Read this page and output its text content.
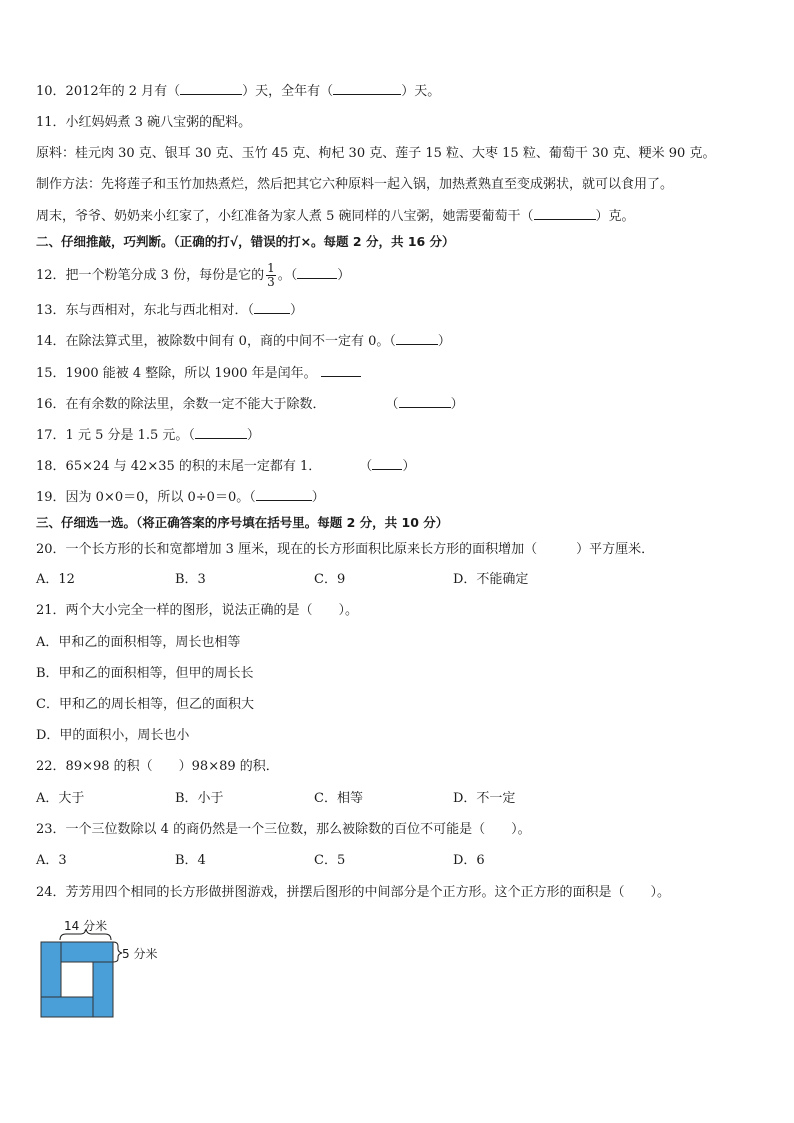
10．2012年的 2 月有（	）天，全年有（	）天。
11．小红妈妈煮 3 碗八宝粥的配料。
原料：桂元肉 30 克、银耳 30 克、玉竹 45 克、枸杞 30 克、莲子 15 粒、大枣 15 粒、葡萄干 30 克、粳米 90 克。
制作方法：先将莲子和玉竹加热煮烂，然后把其它六种原料一起入锅，加热煮熟直至变成粥状，就可以食用了。
周末，爷爷、奶奶来小红家了，小红准备为家人煮 5 碗同样的八宝粥，她需要葡萄干（	）克。
二、仔细推敲，巧判断。（正确的打√，错误的打×。每题 2 分，共 16 分）
12．把一个粉笔分成 3 份，每份是它的 $\frac{1}{3}$ 。（	）
13．东与西相对，东北与西北相对．（	）
14．在除法算式里，被除数中间有 0，商的中间不一定有 0。（	）
15．1900 能被 4 整除，所以 1900 年是闰年。
16．在有余数的除法里，余数一定不能大于除数．	（	）
17．1 元 5 分是 1.5 元。（	）
18．65×24 与 42×35 的积的末尾一定都有 1．	（ ）
19．因为 0×0＝0，所以 0÷0＝0。（	）
三、仔细选一选。（将正确答案的序号填在括号里。每题 2 分，共 10 分）
20．一个长方形的长和宽都增加 3 厘米，现在的长方形面积比原来长方形的面积增加（　　　）平方厘米．
A．12	B．3	C．9	D．不能确定
21．两个大小完全一样的图形，说法正确的是（　　）。
A．甲和乙的面积相等，周长也相等
B．甲和乙的面积相等，但甲的周长长
C．甲和乙的周长相等，但乙的面积大
D．甲的面积小，周长也小
22．89×98 的积（　　）98×89 的积．
A．大于	B．小于	C．相等	D．不一定
23．一个三位数除以 4 的商仍然是一个三位数，那么被除数的百位不可能是（　　）。
A．3	B．4	C．5	D．6
24．芳芳用四个相同的长方形做拼图游戏，拼摆后图形的中间部分是个正方形。这个正方形的面积是（　　）。
14 分米
5 分米
